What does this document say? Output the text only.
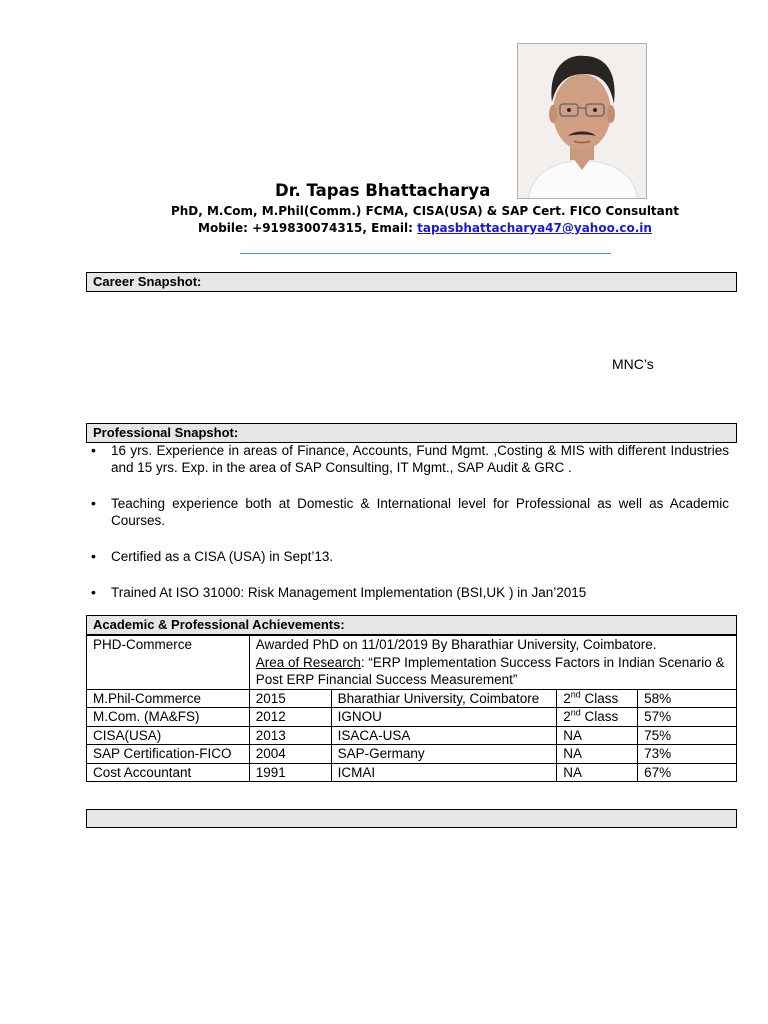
Dr. Tapas Bhattacharya
PhD, M.Com, M.Phil(Comm.) FCMA, CISA(USA) & SAP Cert. FICO Consultant
Mobile: +919830074315, Email: tapasbhattacharya47@yahoo.co.in
Career Snapshot:
MNC’s
Professional Snapshot:
• 16 yrs. Experience in areas of Finance, Accounts, Fund Mgmt. ,Costing & MIS with different Industries and 15 yrs. Exp. in the area of SAP Consulting, IT Mgmt., SAP Audit & GRC .
• Teaching experience both at Domestic & International level for Professional as well as Academic Courses.
• Certified as a CISA (USA) in Sept’13.
• Trained At ISO 31000: Risk Management Implementation (BSI,UK ) in Jan’2015
Academic & Professional Achievements:
PHD-Commerce	Awarded PhD on 11/01/2019 By Bharathiar University, Coimbatore.
Area of Research: “ERP Implementation Success Factors in Indian Scenario & Post ERP Financial Success Measurement”			

M.Phil-Commerce	2015	Bharathiar University, Coimbatore	2nd Class	58%
M.Com. (MA&FS)	2012	IGNOU	2nd Class	57%
CISA(USA)	2013	ISACA-USA	NA	75%
SAP Certification-FICO	2004	SAP-Germany	NA	73%
Cost Accountant	1991	ICMAI	NA	67%
